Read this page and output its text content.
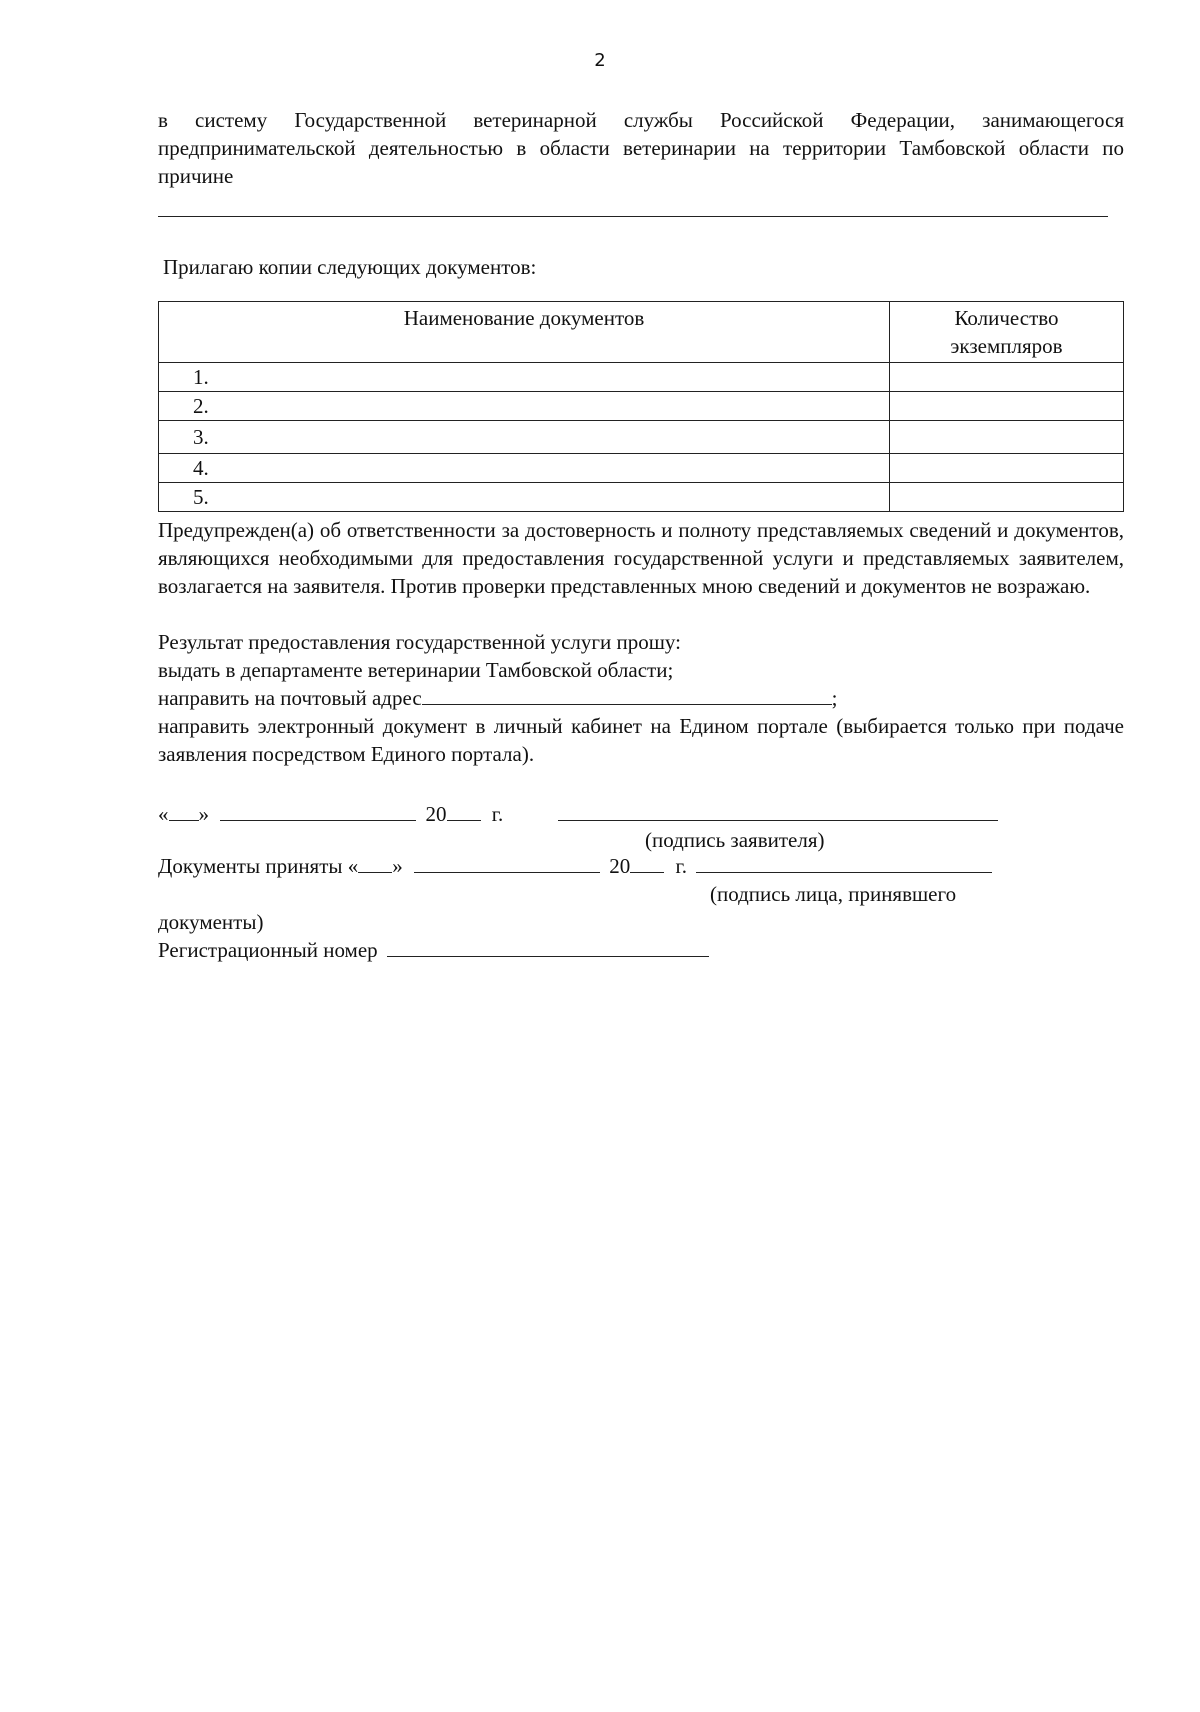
2

в систему Государственной ветеринарной службы Российской Федерации, занимающегося предпринимательской деятельностью в области ветеринарии на территории Тамбовской области по причине

Прилагаю копии следующих документов:
Наименование документов	Количество
экземпляров

1.	
2.	
3.	
4.	
5.	

Предупрежден(а) об ответственности за достоверность и полноту представляемых сведений и документов, являющихся необходимыми для предоставления государственной услуги и представляемых заявителем, возлагается на заявителя. Против проверки представленных мною сведений и документов не возражаю.

Результат предоставления государственной услуги прошу:
выдать в департаменте ветеринарии Тамбовской области;
направить на почтовый адрес	;

направить электронный документ в личный кабинет на Едином портале (выбирается только при подаче заявления посредством Единого портала).

« »	20 г.
(подпись заявителя)
Документы приняты « »	20 г.
(подпись лица, принявшего
документы)
Регистрационный номер
